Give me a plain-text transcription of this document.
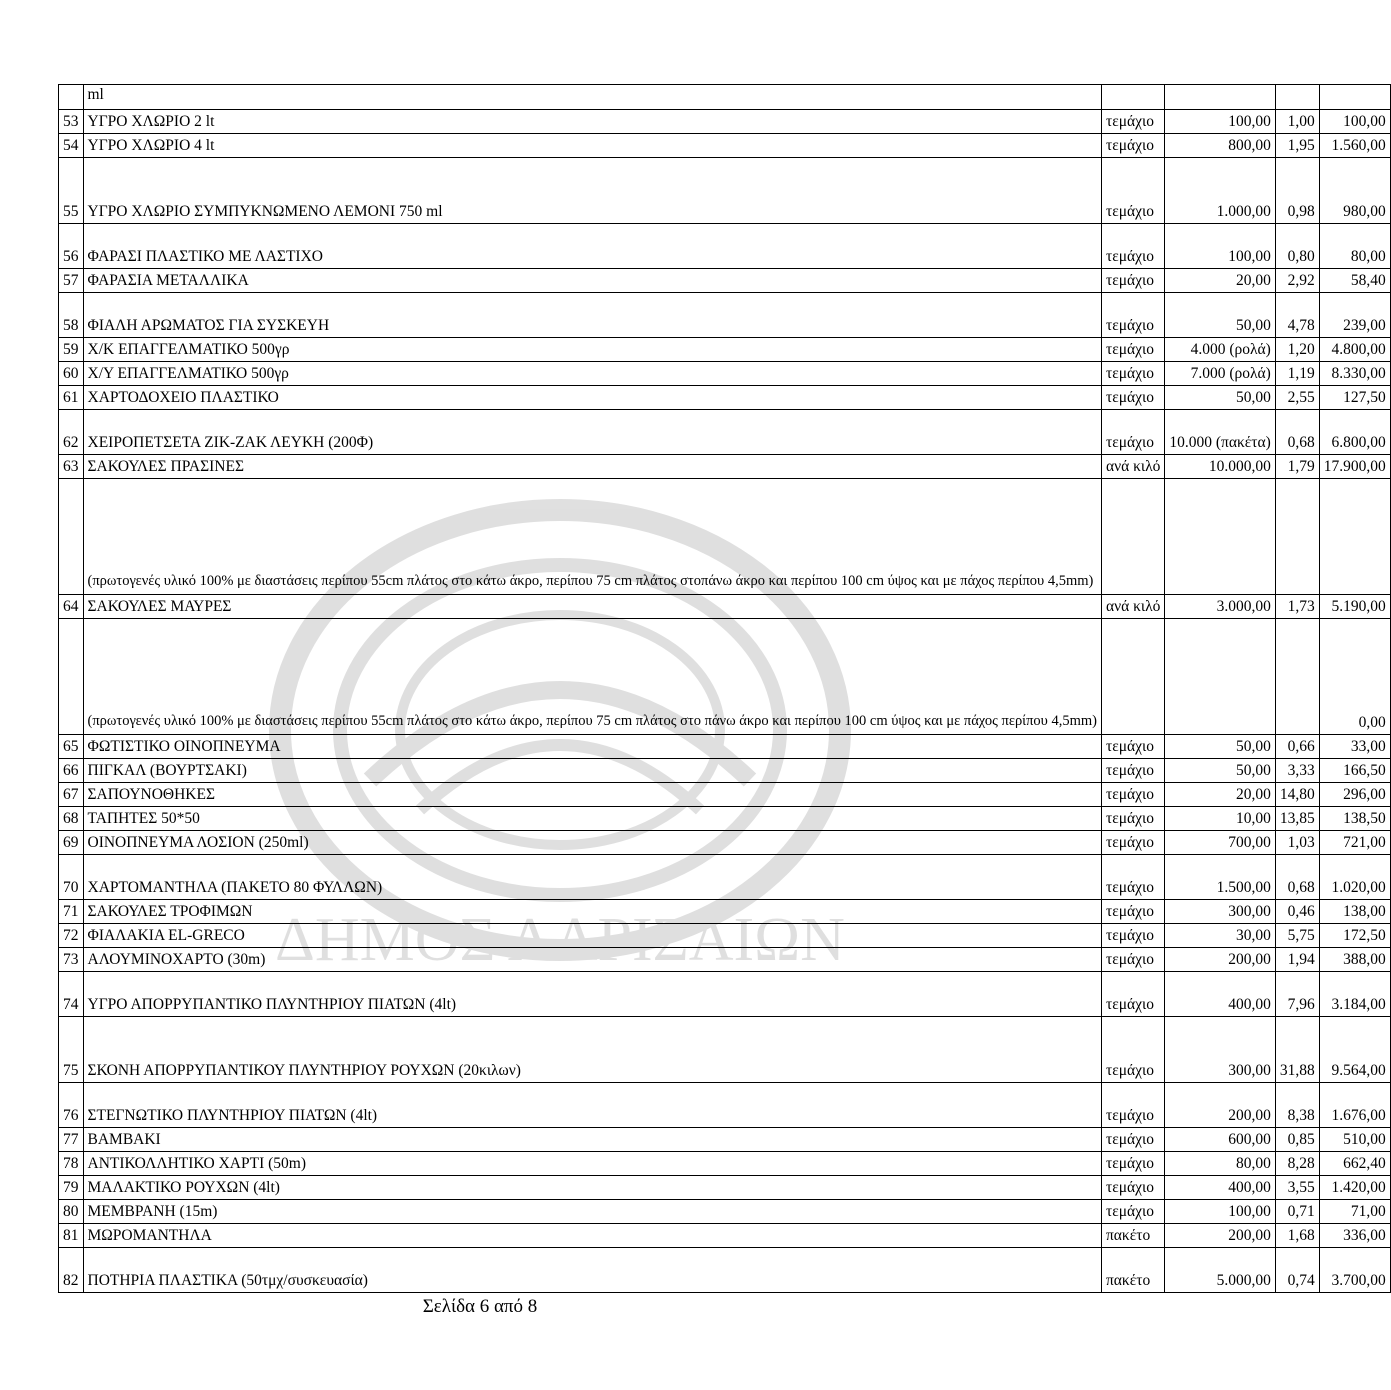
ΔΗΜΟΣ ΛΑΡΙΣΑΙΩΝ
	ml				
53	ΥΓΡΟ ΧΛΩΡΙΟ 2 lt	τεμάχιο	100,00	1,00	100,00
54	ΥΓΡΟ ΧΛΩΡΙΟ 4 lt	τεμάχιο	800,00	1,95	1.560,00
55	ΥΓΡΟ ΧΛΩΡΙΟ ΣΥΜΠΥΚΝΩΜΕΝΟ ΛΕΜΟΝΙ 750 ml	τεμάχιο	1.000,00	0,98	980,00
56	ΦΑΡΑΣΙ ΠΛΑΣΤΙΚΟ ΜΕ ΛΑΣΤΙΧΟ	τεμάχιο	100,00	0,80	80,00
57	ΦΑΡΑΣΙΑ ΜΕΤΑΛΛΙΚΑ	τεμάχιο	20,00	2,92	58,40
58	ΦΙΑΛΗ ΑΡΩΜΑΤΟΣ ΓΙΑ ΣΥΣΚΕΥΗ	τεμάχιο	50,00	4,78	239,00
59	Χ/Κ ΕΠΑΓΓΕΛΜΑΤΙΚΟ 500γρ	τεμάχιο	4.000 (ρολά)	1,20	4.800,00
60	Χ/Υ ΕΠΑΓΓΕΛΜΑΤΙΚΟ 500γρ	τεμάχιο	7.000 (ρολά)	1,19	8.330,00
61	ΧΑΡΤΟΔΟΧΕΙΟ ΠΛΑΣΤΙΚΟ	τεμάχιο	50,00	2,55	127,50
62	ΧΕΙΡΟΠΕΤΣΕΤΑ ΖΙΚ-ΖΑΚ ΛΕΥΚΗ (200Φ)	τεμάχιο	10.000 (πακέτα)	0,68	6.800,00
63	ΣΑΚΟΥΛΕΣ ΠΡΑΣΙΝΕΣ	ανά κιλό	10.000,00	1,79	17.900,00
	(πρωτογενές υλικό 100% με διαστάσεις περίπου 55cm πλάτος στο κάτω άκρο, περίπου 75 cm πλάτος στοπάνω άκρο και περίπου 100 cm ύψος και με πάχος περίπου 4,5mm)				
64	ΣΑΚΟΥΛΕΣ ΜΑΥΡΕΣ	ανά κιλό	3.000,00	1,73	5.190,00
	(πρωτογενές υλικό 100% με διαστάσεις περίπου 55cm πλάτος στο κάτω άκρο, περίπου 75 cm πλάτος στο πάνω άκρο και περίπου 100 cm ύψος και με πάχος περίπου 4,5mm)				0,00
65	ΦΩΤΙΣΤΙΚΟ ΟΙΝΟΠΝΕΥΜΑ	τεμάχιο	50,00	0,66	33,00
66	ΠΙΓΚΑΛ (ΒΟΥΡΤΣΑΚΙ)	τεμάχιο	50,00	3,33	166,50
67	ΣΑΠΟΥΝΟΘΗΚΕΣ	τεμάχιο	20,00	14,80	296,00
68	ΤΑΠΗΤΕΣ 50*50	τεμάχιο	10,00	13,85	138,50
69	ΟΙΝΟΠΝΕΥΜΑ ΛΟΣΙΟΝ (250ml)	τεμάχιο	700,00	1,03	721,00
70	ΧΑΡΤΟΜΑΝΤΗΛΑ (ΠΑΚΕΤΟ 80 ΦΥΛΛΩΝ)	τεμάχιο	1.500,00	0,68	1.020,00
71	ΣΑΚΟΥΛΕΣ ΤΡΟΦΙΜΩΝ	τεμάχιο	300,00	0,46	138,00
72	ΦΙΑΛΑΚΙΑ EL-GRECO	τεμάχιο	30,00	5,75	172,50
73	ΑΛΟΥΜΙΝΟΧΑΡΤΟ (30m)	τεμάχιο	200,00	1,94	388,00
74	ΥΓΡΟ ΑΠΟΡΡΥΠΑΝΤΙΚΟ ΠΛΥΝΤΗΡΙΟΥ ΠΙΑΤΩΝ (4lt)	τεμάχιο	400,00	7,96	3.184,00
75	ΣΚΟΝΗ ΑΠΟΡΡΥΠΑΝΤΙΚΟΥ ΠΛΥΝΤΗΡΙΟΥ ΡΟΥΧΩΝ (20κιλων)	τεμάχιο	300,00	31,88	9.564,00
76	ΣΤΕΓΝΩΤΙΚΟ ΠΛΥΝΤΗΡΙΟΥ ΠΙΑΤΩΝ (4lt)	τεμάχιο	200,00	8,38	1.676,00
77	ΒΑΜΒΑΚΙ	τεμάχιο	600,00	0,85	510,00
78	ΑΝΤΙΚΟΛΛΗΤΙΚΟ ΧΑΡΤΙ (50m)	τεμάχιο	80,00	8,28	662,40
79	ΜΑΛΑΚΤΙΚΟ ΡΟΥΧΩΝ (4lt)	τεμάχιο	400,00	3,55	1.420,00
80	ΜΕΜΒΡΑΝΗ (15m)	τεμάχιο	100,00	0,71	71,00
81	ΜΩΡΟΜΑΝΤΗΛΑ	πακέτο	200,00	1,68	336,00
82	ΠΟΤΗΡΙΑ ΠΛΑΣΤΙΚΑ (50τμχ/συσκευασία)	πακέτο	5.000,00	0,74	3.700,00
Σελίδα 6 από 8
